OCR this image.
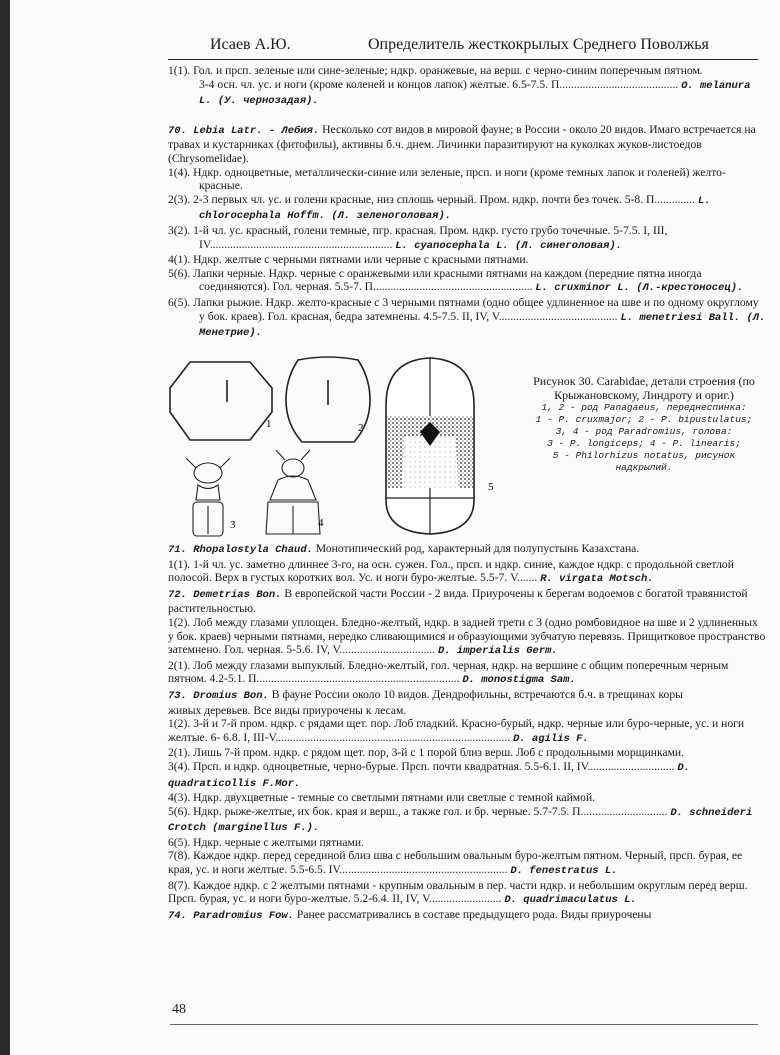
Исаев А.Ю.	Определитель жесткокрылых Среднего Поволжья
1(1). Гол. и прсп. зеленые или сине-зеленые; ндкр. оранжевые, на верш. с черно-синим поперечным пятном.
3-4 осн. чл. ус. и ноги (кроме коленей и концов лапок) желтые. 6.5-7.5. П......................................... O. melanura L. (У. чернозадая).
70. Lebia Latr. - Лебия. Несколько сот видов в мировой фауне; в России - около 20 видов. Имаго встречается на травах и кустарниках (фитофилы), активны б.ч. днем. Личинки паразитируют на куколках жуков-листоедов (Chrysomelidae).
1(4). Ндкр. одноцветные, металлически-синие или зеленые, прсп. и ноги (кроме темных лапок и голеней) желто-красные.
2(3). 2-3 первых чл. ус. и голени красные, низ сплошь черный. Пром. ндкр. почти без точек. 5-8. П.............. L. chlorocephala Hoffm. (Л. зеленоголовая).
3(2). 1-й чл. ус. красный, голени темные, пгр. красная. Пром. ндкр. густо грубо точечные. 5-7.5. I, III, IV............................................................... L. cyanocephala L. (Л. синеголовая).
4(1). Ндкр. желтые с черными пятнами или черные с красными пятнами.
5(6). Лапки черные. Ндкр. черные с оранжевыми или красными пятнами на каждом (передние пятна иногда соединяются). Гол. черная. 5.5-7. П....................................................... L. cruxminor L. (Л.-крестоносец).
6(5). Лапки рыжие. Ндкр. желто-красные с 3 черными пятнами (одно общее удлиненное на шве и по одному округлому у бок. краев). Гол. красная, бедра затемнены. 4.5-7.5. II, IV, V......................................... L. menetriesi Ball. (Л. Менетрие).
1	2
3	4
5
Рисунок 30. Carabidae, детали строения (по Крыжановскому, Линдроту и ориг.)
1, 2 - род Panagaeus, переднеспинка:
1 - P. cruxmajor; 2 - P. bipustulatus;
3, 4 - род Paradromius, голова:
3 - P. longiceps; 4 - P. linearis;
5 - Philorhizus notatus, рисунок надкрылий.
71. Rhopalostyla Chaud. Монотипический род, характерный для полупустынь Казахстана.
1(1). 1-й чл. ус. заметно длиннее 3-го, на осн. сужен. Гол., прсп. и ндкр. синие, каждое ндкр. с продольной светлой полосой. Верх в густых коротких вол. Ус. и ноги буро-желтые. 5.5-7. V....... R. virgata Motsch.
72. Demetrias Bon. В европейской части России - 2 вида. Приурочены к берегам водоемов с богатой травянистой растительностью.
1(2). Лоб между глазами уплощен. Бледно-желтый, ндкр. в задней трети с 3 (одно ромбовидное на шве и 2 удлиненных у бок. краев) черными пятнами, нередко сливающимися и образующими зубчатую перевязь. Прищитковое пространство затемнено. Гол. черная. 5-5.6. IV, V................................. D. imperialis Germ.
2(1). Лоб между глазами выпуклый. Бледно-желтый, гол. черная, ндкр. на вершине с общим поперечным черным пятном. 4.2-5.1. П...................................................................... D. monostigma Sam.
73. Dromius Bon. В фауне России около 10 видов. Дендрофильны, встречаются б.ч. в трещинах коры
живых деревьев. Все виды приурочены к лесам.
1(2). 3-й и 7-й пром. ндкр. с рядами щет. пор. Лоб гладкий. Красно-бурый, ндкр. черные или буро-черные, ус. и ноги желтые. 6- 6.8. I, III-V................................................................................. D. agilis F.
2(1). Лишь 7-й пром. ндкр. с рядом щет. пор, 3-й с 1 порой близ верш. Лоб с продольными морщинками.
3(4). Прсп. и ндкр. одноцветные, черно-бурые. Прсп. почти квадратная. 5.5-6.1. II, IV.............................. D. quadraticollis F.Mor.
4(3). Ндкр. двухцветные - темные со светлыми пятнами или светлые с темной каймой.
5(6). Ндкр. рыже-желтые, их бок. края и верш., а также гол. и бр. черные. 5.7-7.5. П.............................. D. schneideri Crotch (marginellus F.).
6(5). Ндкр. черные с желтыми пятнами.
7(8). Каждое ндкр. перед серединой близ шва с небольшим овальным буро-желтым пятном. Черный, прсп. бурая, ее края, ус. и ноги желтые. 5.5-6.5. IV.......................................................... D. fenestratus L.
8(7). Каждое ндкр. с 2 желтыми пятнами - крупным овальным в пер. части ндкр. и небольшим округлым перед верш. Прсп. бурая, ус. и ноги буро-желтые. 5.2-6.4. II, IV, V......................... D. quadrimaculatus L.
74. Paradromius Fow. Ранее рассматривались в составе предыдущего рода. Виды приурочены
48
